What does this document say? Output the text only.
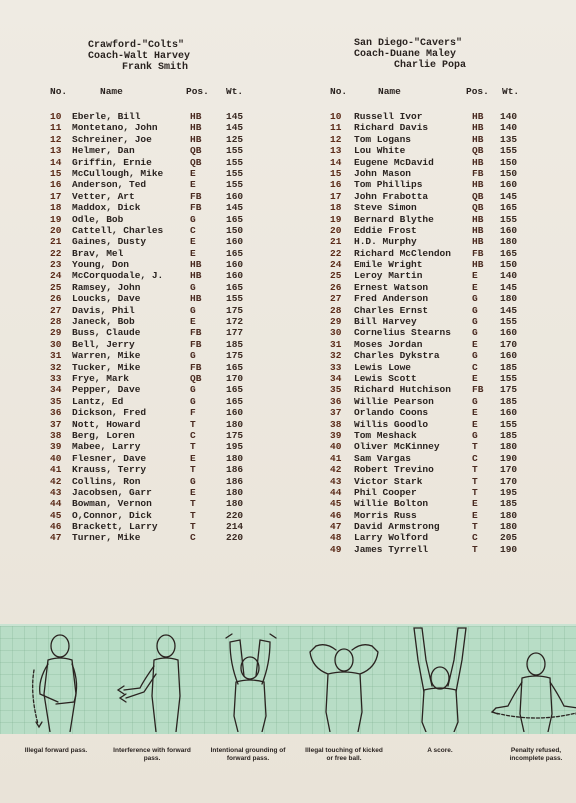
Crawford-"Colts"
Coach-Walt Harvey
Frank Smith
No.	Name	Pos. Wt.
10 Eberle, Bill	HB	145
11 Montetano, John	HB	145
12 Schreiner, Joe	HB	125
13 Helmer, Dan	QB	155
14 Griffin, Ernie	QB	155
15 McCullough, Mike	E	155
16 Anderson, Ted	E	155
17 Vetter, Art	FB	160
18 Maddox, Dick	FB	145
19 Odle, Bob	G	165
20 Cattell, Charles	C	150
21 Gaines, Dusty	E	160
22 Brav, Mel	E	165
23 Young, Don	HB	160
24 McCorquodale, J.	HB	160
25 Ramsey, John	G	165
26 Loucks, Dave	HB	155
27 Davis, Phil	G	175
28 Janeck, Bob	E	172
29 Buss, Claude	FB	177
30 Bell, Jerry	FB	185
31 Warren, Mike	G	175
32 Tucker, Mike	FB	165
33 Frye, Mark	QB	170
34 Pepper, Dave	G	165
35 Lantz, Ed	G	165
36 Dickson, Fred	F	160
37 Nott, Howard	T	180
38 Berg, Loren	C	175
39 Mabee, Larry	T	195
40 Flesner, Dave	E	180
41 Krauss, Terry	T	186
42 Collins, Ron	G	186
43 Jacobsen, Garr	E	180
44 Bowman, Vernon	T	180
45 O,Connor, Dick	T	220
46 Brackett, Larry	T	214
47 Turner, Mike	C	220
San Diego-"Cavers"
Coach-Duane Maley
Charlie Popa
No.	Name	Pos. Wt.
10 Russell Ivor	HB 140
11 Richard Davis	HB 140
12 Tom Logans	HB 135
13 Lou White	QB 155
14 Eugene McDavid	HB 150
15 John Mason	FB 150
16 Tom Phillips	HB 160
17 John Frabotta	QB 145
18 Steve Simon	QB 165
19 Bernard Blythe	HB 155
20 Eddie Frost	HB 160
21 H.D. Murphy	HB 180
22 Richard McClendon FB 165
24 Emile Wright	HB 150
25 Leroy Martin	E 140
26 Ernest Watson	E 145
27 Fred Anderson	G 180
28 Charles Ernst	G 145
29 Bill Harvey	G 155
30 Cornelius Stearns G 160
31 Moses Jordan	E 170
32 Charles Dykstra	G 160
33 Lewis Lowe	C 185
34 Lewis Scott	E 155
35 Richard Hutchison FB 175
36 Willie Pearson	G 185
37 Orlando Coons	E 160
38 Willis Goodlo	E 155
39 Tom Meshack	G 185
40 Oliver McKinney	T 180
41 Sam Vargas	C 190
42 Robert Trevino	T 170
43 Victor Stark	T 170
44 Phil Cooper	T 195
45 Willie Bolton	E 185
46 Morris Russ	E 180
47 David Armstrong	T 180
48 Larry Wolford	C 205
49 James Tyrrell	T 190
Illegal forward pass.	Interference with forward pass.
Intentional grounding of forward pass.
Illegal touching of kicked or free ball.
A score.	Penalty refused, incomplete pass.
